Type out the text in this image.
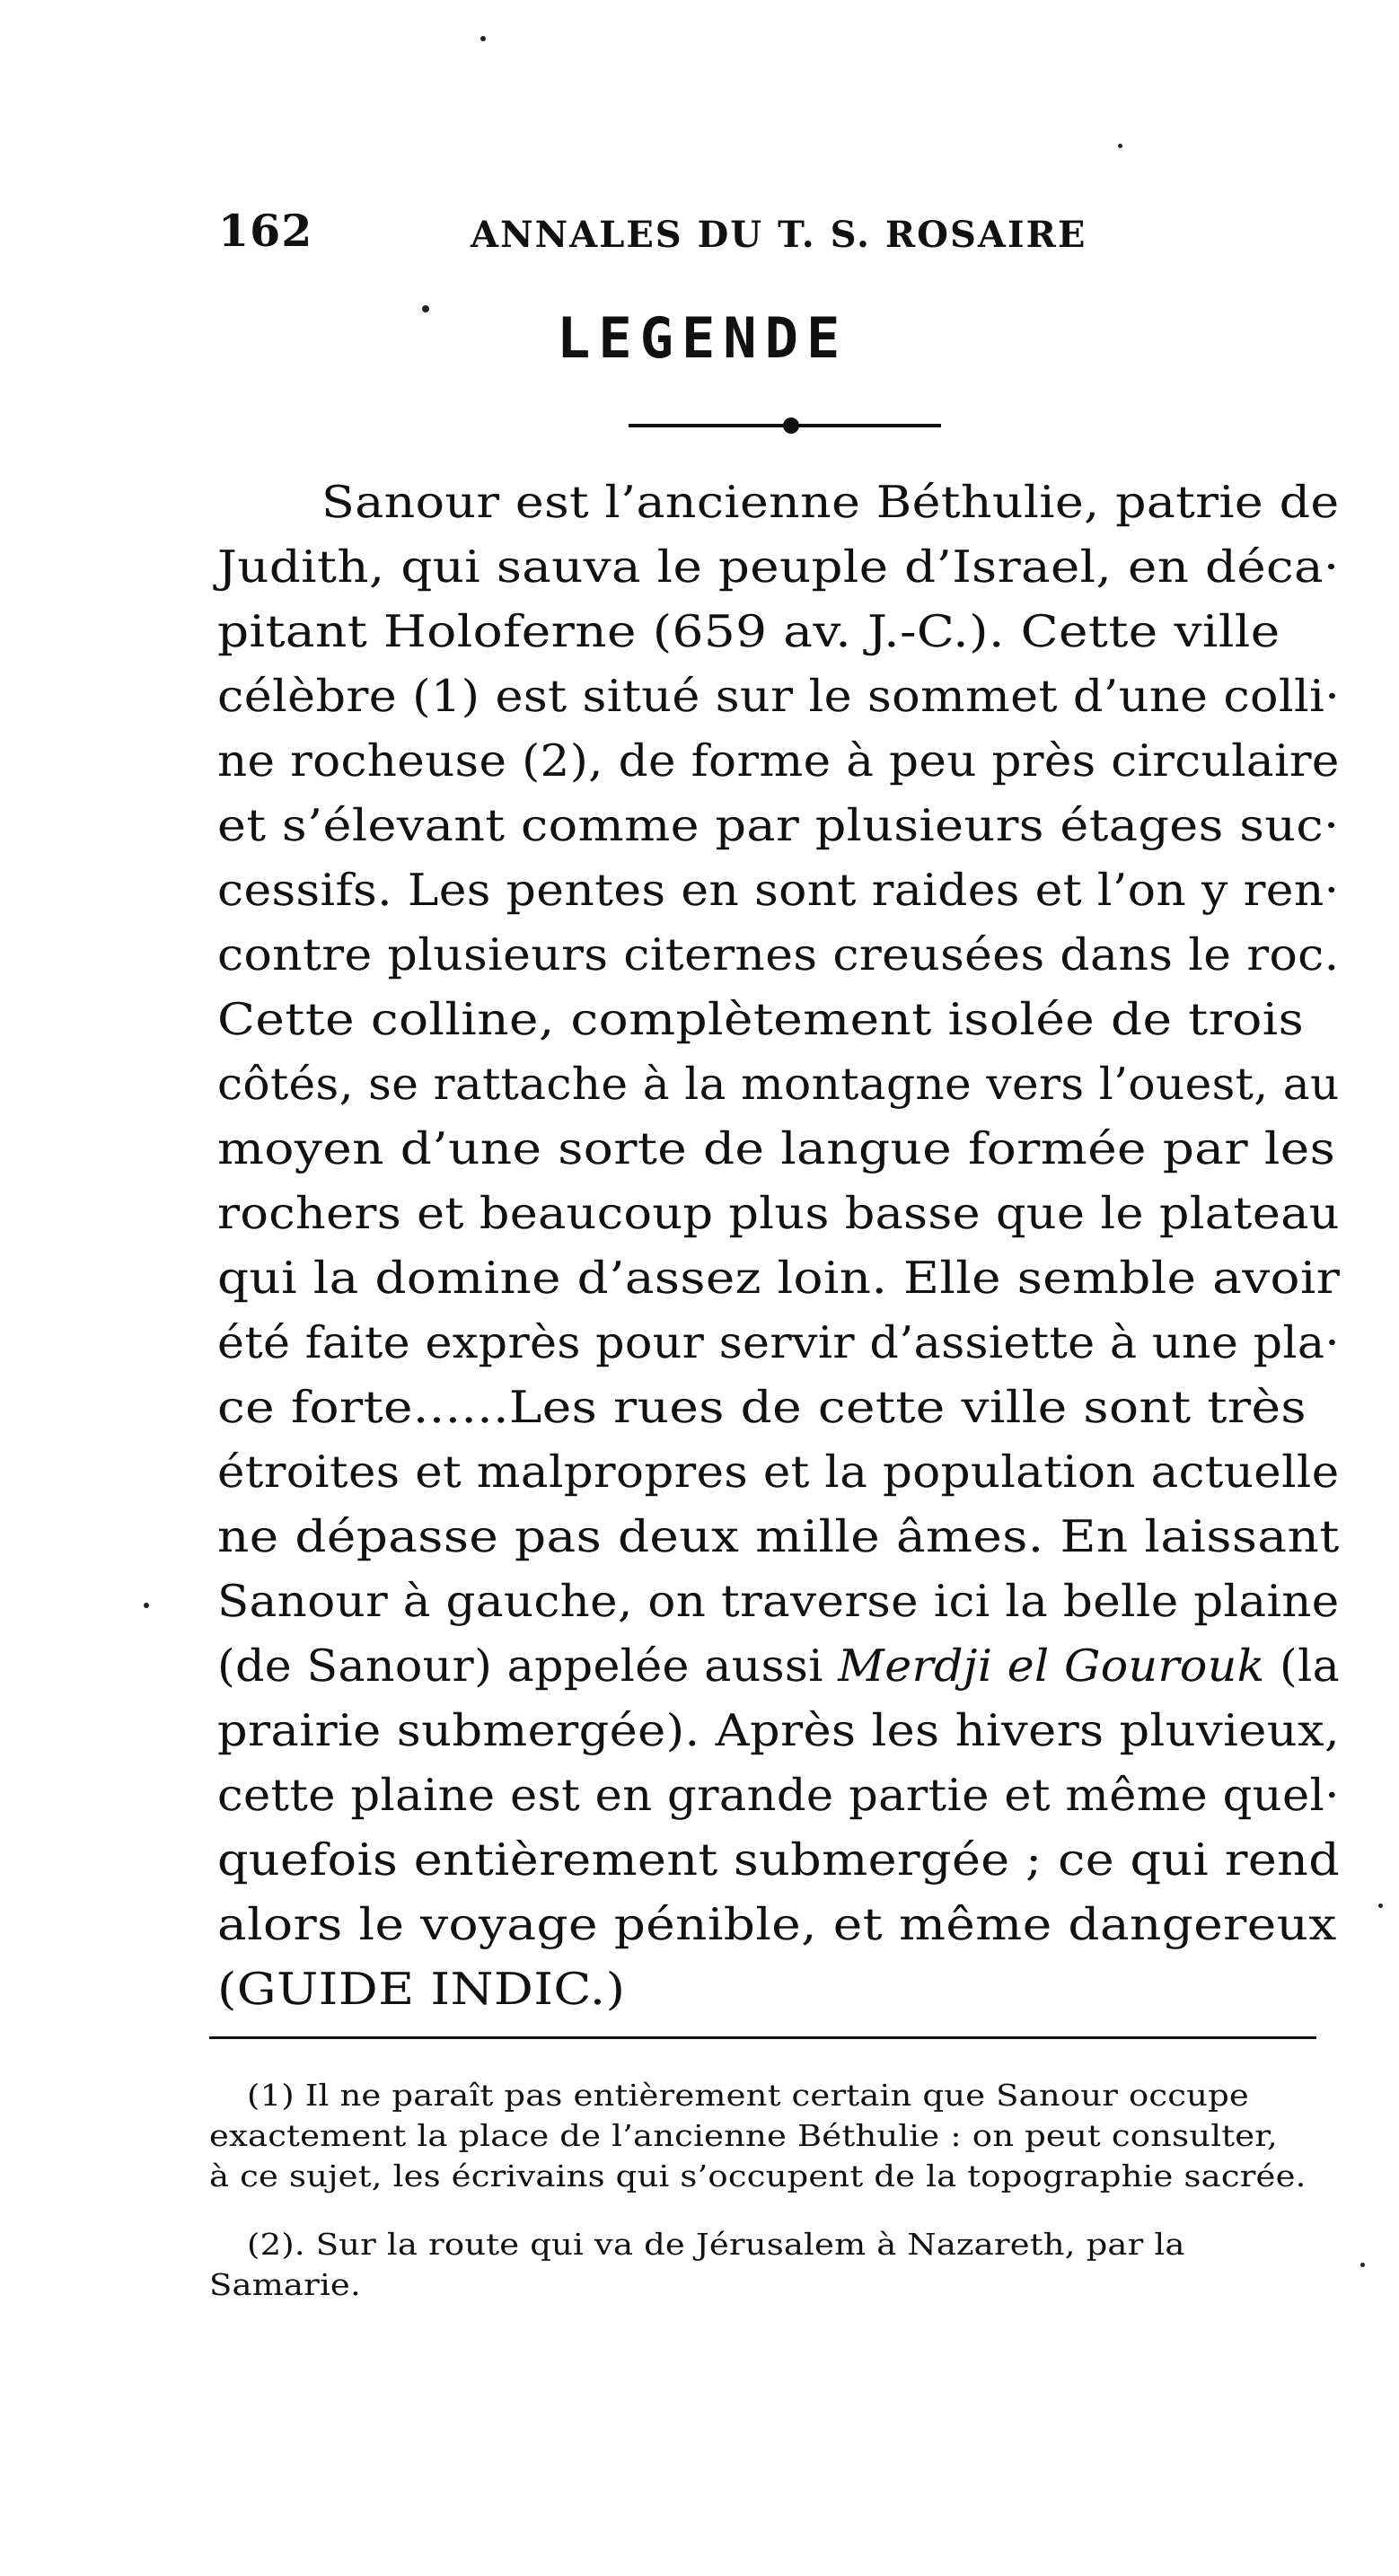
162	ANNALES DU T. S. ROSAIRE
LEGENDE
Sanour est l’ancienne Béthulie, patrie de
Judith, qui sauva le peuple d’Israel, en déca·
pitant Holoferne (659 av. J.-C.). Cette ville
célèbre (1) est situé sur le sommet d’une colli·
ne rocheuse (2), de forme à peu près circulaire
et s’élevant comme par plusieurs étages suc·
cessifs. Les pentes en sont raides et l’on y ren·
contre plusieurs citernes creusées dans le roc.
Cette colline, complètement isolée de trois
côtés, se rattache à la montagne vers l’ouest, au
moyen d’une sorte de langue formée par les
rochers et beaucoup plus basse que le plateau
qui la domine d’assez loin. Elle semble avoir
été faite exprès pour servir d’assiette à une pla·
ce forte......Les rues de cette ville sont très
étroites et malpropres et la population actuelle
ne dépasse pas deux mille âmes. En laissant
Sanour à gauche, on traverse ici la belle plaine
(de Sanour) appelée aussi Merdji el Gourouk (la
prairie submergée). Après les hivers pluvieux,
cette plaine est en grande partie et même quel·
quefois entièrement submergée ; ce qui rend
alors le voyage pénible, et même dangereux
(GUIDE INDIC.)
(1) Il ne paraît pas entièrement certain que Sanour occupe
exactement la place de l’ancienne Béthulie : on peut consulter,
à ce sujet, les écrivains qui s’occupent de la topographie sacrée.
(2). Sur la route qui va de Jérusalem à Nazareth, par la
Samarie.
